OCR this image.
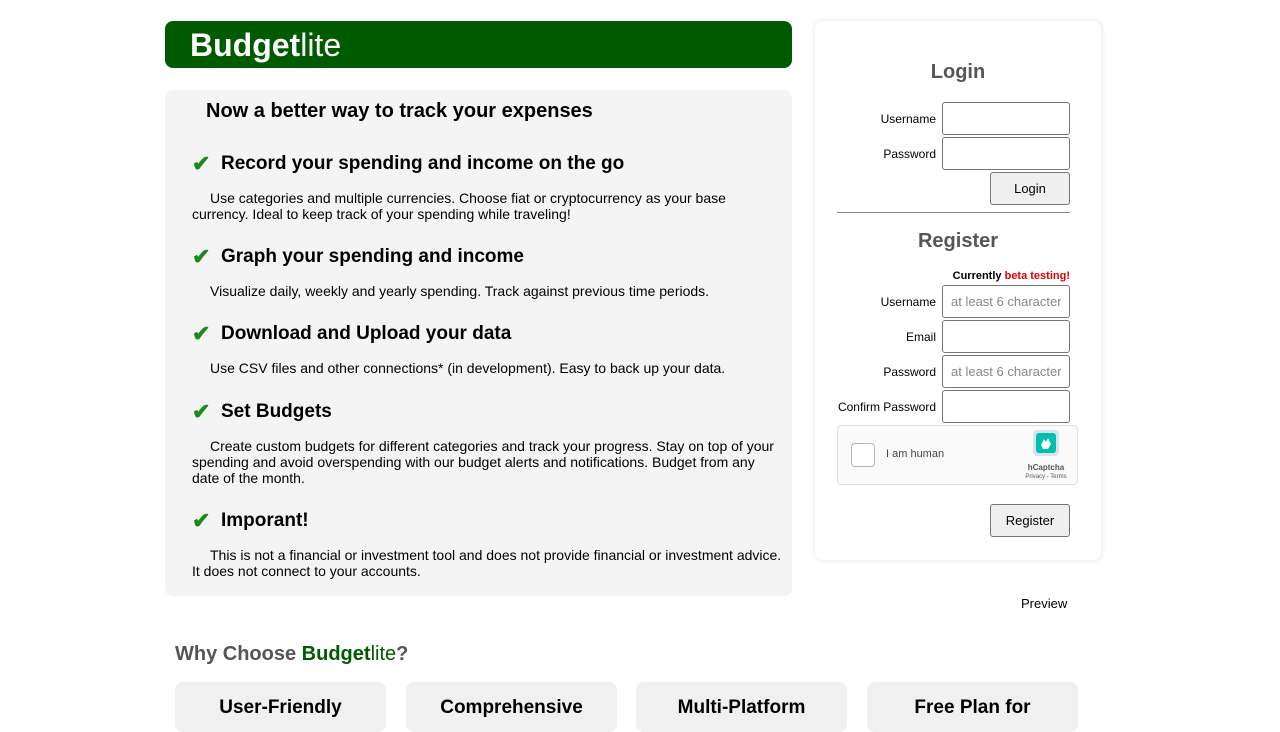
Budgetlite
Now a better way to track your expenses
✔ Record your spending and income on the go
Use categories and multiple currencies. Choose fiat or cryptocurrency as your base currency. Ideal to keep track of your spending while traveling!
✔ Graph your spending and income
Visualize daily, weekly and yearly spending. Track against previous time periods.
✔ Download and Upload your data
Use CSV files and other connections* (in development). Easy to back up your data.
✔ Set Budgets
Create custom budgets for different categories and track your progress. Stay on top of your spending and avoid overspending with our budget alerts and notifications. Budget from any date of the month.
✔ Imporant!
This is not a financial or investment tool and does not provide financial or investment advice. It does not connect to your accounts.
Login
Username
Password
Login
Register
Currently beta testing!
Username
at least 6 characters
Email
Password
Confirm Password
I am human
hCaptcha
Privacy - Terms
Register
Preview
Why Choose Budgetlite?
User-Friendly	Comprehensive	Multi-Platform	Free Plan for
